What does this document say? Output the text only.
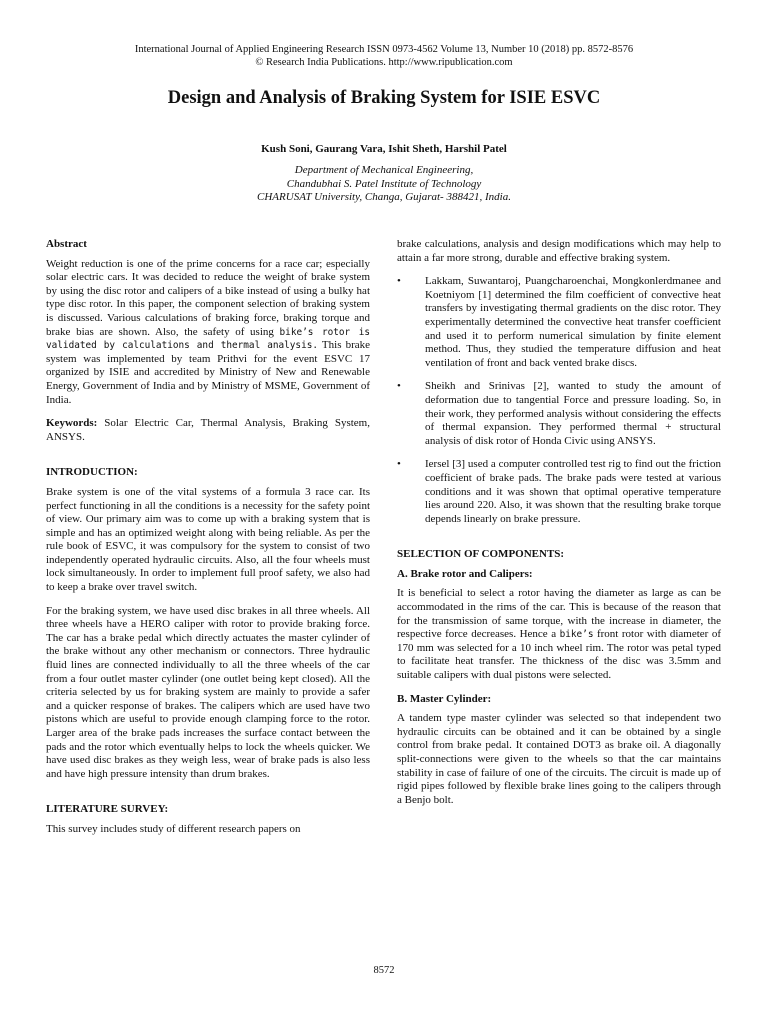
International Journal of Applied Engineering Research ISSN 0973-4562 Volume 13, Number 10 (2018) pp. 8572-8576
© Research India Publications. http://www.ripublication.com
Design and Analysis of Braking System for ISIE ESVC
Kush Soni, Gaurang Vara, Ishit Sheth, Harshil Patel
Department of Mechanical Engineering,
Chandubhai S. Patel Institute of Technology
CHARUSAT University, Changa, Gujarat- 388421, India.
Abstract

Weight reduction is one of the prime concerns for a race car; especially solar electric cars. It was decided to reduce the weight of brake system by using the disc rotor and calipers of a bike instead of using a bulky hat type disc rotor. In this paper, the component selection of braking system is discussed. Various calculations of braking force, braking torque and brake bias are shown. Also, the safety of using bike’s rotor is validated by calculations and thermal analysis. This brake system was implemented by team Prithvi for the event ESVC 17 organized by ISIE and accredited by Ministry of New and Renewable Energy, Government of India and by Ministry of MSME, Government of India.

Keywords: Solar Electric Car, Thermal Analysis, Braking System, ANSYS.

INTRODUCTION:

Brake system is one of the vital systems of a formula 3 race car. Its perfect functioning in all the conditions is a necessity for the safety point of view. Our primary aim was to come up with a braking system that is simple and has an optimized weight along with being reliable. As per the rule book of ESVC, it was compulsory for the system to consist of two independently operated hydraulic circuits. Also, all the four wheels must lock simultaneously. In order to implement full proof safety, we also had to keep a brake over travel switch.

For the braking system, we have used disc brakes in all three wheels. All three wheels have a HERO caliper with rotor to provide braking force. The car has a brake pedal which directly actuates the master cylinder of the brake without any other mechanism or connectors. Three hydraulic fluid lines are connected individually to all the three wheels of the car from a four outlet master cylinder (one outlet being kept closed). All the criteria selected by us for braking system are mainly to provide a safer and a quicker response of brakes. The calipers which are used have two pistons which are useful to provide enough clamping force to the rotor. Larger area of the brake pads increases the surface contact between the pads and the rotor which eventually helps to lock the wheels quicker. We have used disc brakes as they weigh less, wear of brake pads is also less and have high pressure intensity than drum brakes.

LITERATURE SURVEY:

This survey includes study of different research papers on

brake calculations, analysis and design modifications which may help to attain a far more strong, durable and effective braking system.

• Lakkam, Suwantaroj, Puangcharoenchai, Mongkonlerdmanee and Koetniyom [1] determined the film coefficient of convective heat transfers by investigating thermal gradients on the disc rotor. They experimentally determined the convective heat transfer coefficient and used it to perform numerical simulation by finite element method. Thus, they studied the temperature diffusion and heat ventilation of front and back vented brake discs.
• Sheikh and Srinivas [2], wanted to study the amount of deformation due to tangential Force and pressure loading. So, in their work, they performed analysis without considering the effects of thermal expansion. They performed thermal + structural analysis of disk rotor of Honda Civic using ANSYS.
• Iersel [3] used a computer controlled test rig to find out the friction coefficient of brake pads. The brake pads were tested at various conditions and it was shown that optimal operative temperature lies around 220. Also, it was shown that the resulting brake torque depends linearly on brake pressure.
SELECTION OF COMPONENTS:
A. Brake rotor and Calipers:

It is beneficial to select a rotor having the diameter as large as can be accommodated in the rims of the car. This is because of the reason that for the transmission of same torque, with the increase in diameter, the respective force decreases. Hence a bike’s front rotor with diameter of 170 mm was selected for a 10 inch wheel rim. The rotor was petal typed to facilitate heat transfer. The thickness of the disc was 3.5mm and suitable calipers with dual pistons were selected.

B. Master Cylinder:

A tandem type master cylinder was selected so that independent two hydraulic circuits can be obtained and it can be obtained by a single control from brake pedal. It contained DOT3 as brake oil. A diagonally split-connections were given to the wheels so that the car maintains stability in case of failure of one of the circuits. The circuit is made up of rigid pipes followed by flexible brake lines going to the calipers through a Benjo bolt.

8572
